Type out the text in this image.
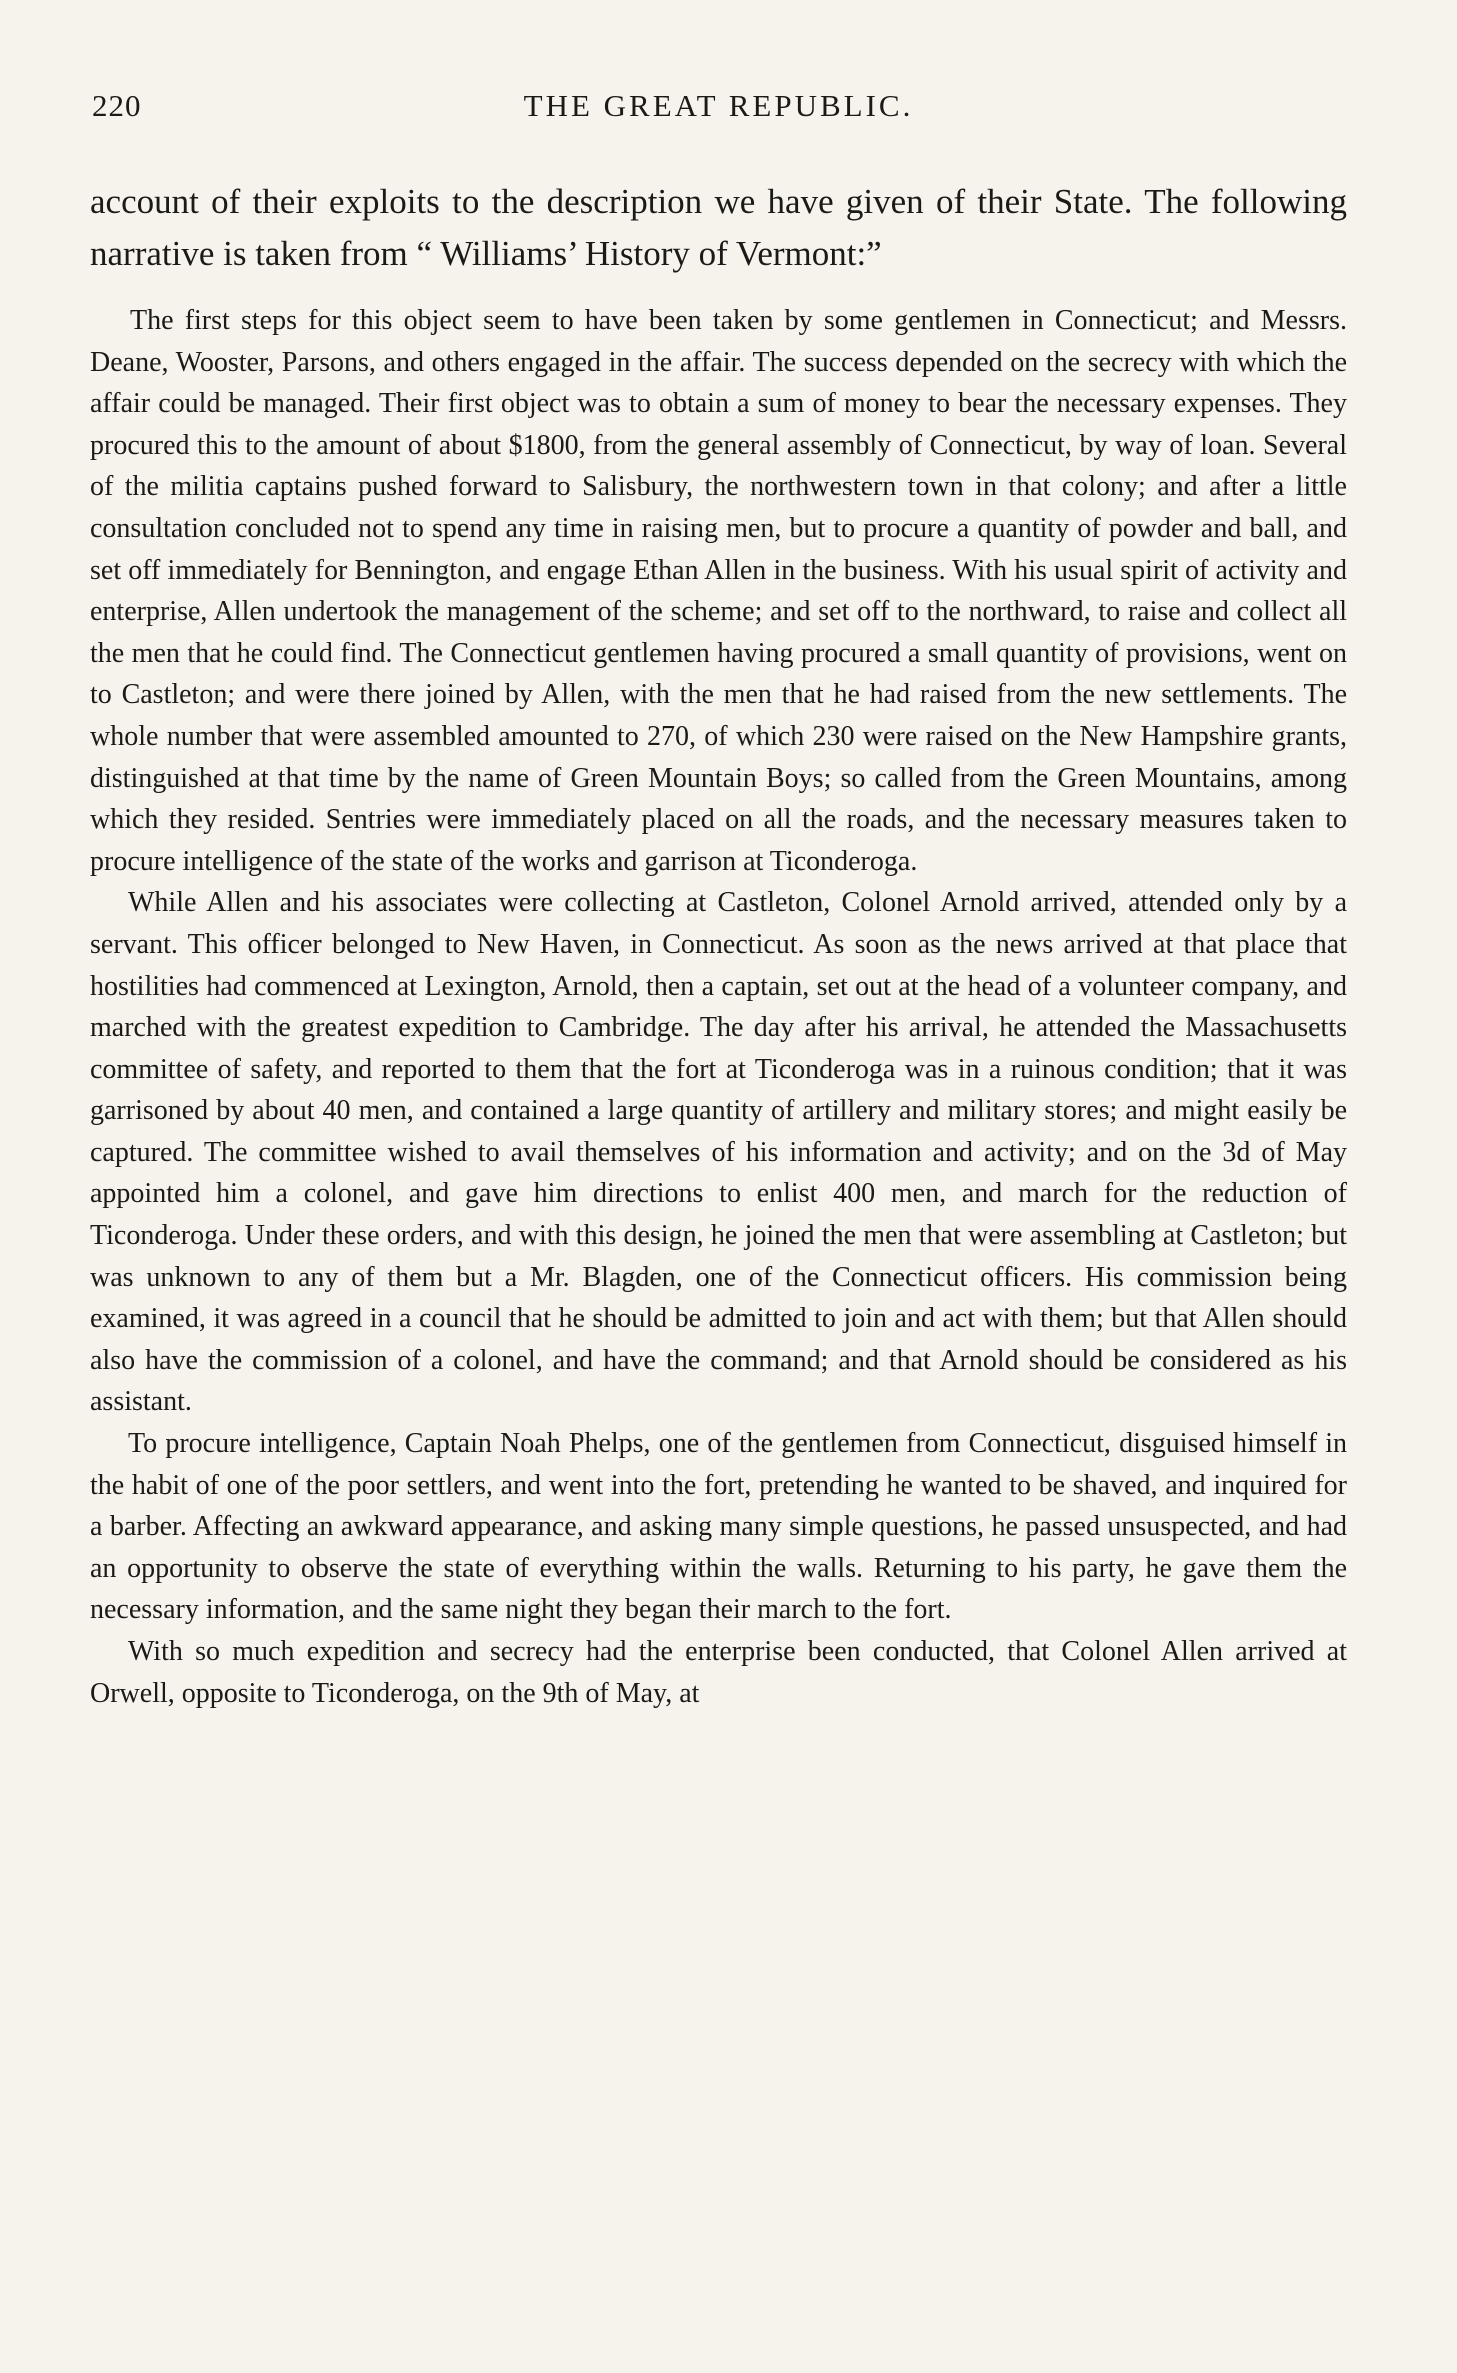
220	THE GREAT REPUBLIC.

account of their exploits to the description we have given of their State. The following narrative is taken from “ Williams’ History of Vermont:”

The first steps for this object seem to have been taken by some gentlemen in Connecticut; and Messrs. Deane, Wooster, Parsons, and others engaged in the affair. The success depended on the secrecy with which the affair could be managed. Their first object was to obtain a sum of money to bear the necessary expenses. They procured this to the amount of about $1800, from the general assembly of Connecticut, by way of loan. Several of the militia captains pushed forward to Salisbury, the northwestern town in that colony; and after a little consultation concluded not to spend any time in raising men, but to procure a quantity of powder and ball, and set off immediately for Bennington, and engage Ethan Allen in the business. With his usual spirit of activity and enterprise, Allen undertook the management of the scheme; and set off to the northward, to raise and collect all the men that he could find. The Connecticut gentlemen having procured a small quantity of provisions, went on to Castleton; and were there joined by Allen, with the men that he had raised from the new settlements. The whole number that were assembled amounted to 270, of which 230 were raised on the New Hampshire grants, distinguished at that time by the name of Green Mountain Boys; so called from the Green Mountains, among which they resided. Sentries were immediately placed on all the roads, and the necessary measures taken to procure intelligence of the state of the works and garrison at Ticonderoga.

While Allen and his associates were collecting at Castleton, Colonel Arnold arrived, attended only by a servant. This officer belonged to New Haven, in Connecticut. As soon as the news arrived at that place that hostilities had commenced at Lexington, Arnold, then a captain, set out at the head of a volunteer company, and marched with the greatest expedition to Cambridge. The day after his arrival, he attended the Massachusetts committee of safety, and reported to them that the fort at Ticonderoga was in a ruinous condition; that it was garrisoned by about 40 men, and contained a large quantity of artillery and military stores; and might easily be captured. The committee wished to avail themselves of his information and activity; and on the 3d of May appointed him a colonel, and gave him directions to enlist 400 men, and march for the reduction of Ticonderoga. Under these orders, and with this design, he joined the men that were assembling at Castleton; but was unknown to any of them but a Mr. Blagden, one of the Connecticut officers. His commission being examined, it was agreed in a council that he should be admitted to join and act with them; but that Allen should also have the commission of a colonel, and have the command; and that Arnold should be considered as his assistant.

To procure intelligence, Captain Noah Phelps, one of the gentlemen from Connecticut, disguised himself in the habit of one of the poor settlers, and went into the fort, pretending he wanted to be shaved, and inquired for a barber. Affecting an awkward appearance, and asking many simple questions, he passed unsuspected, and had an opportunity to observe the state of everything within the walls. Returning to his party, he gave them the necessary information, and the same night they began their march to the fort.

With so much expedition and secrecy had the enterprise been conducted, that Colonel Allen arrived at Orwell, opposite to Ticonderoga, on the 9th of May, at
